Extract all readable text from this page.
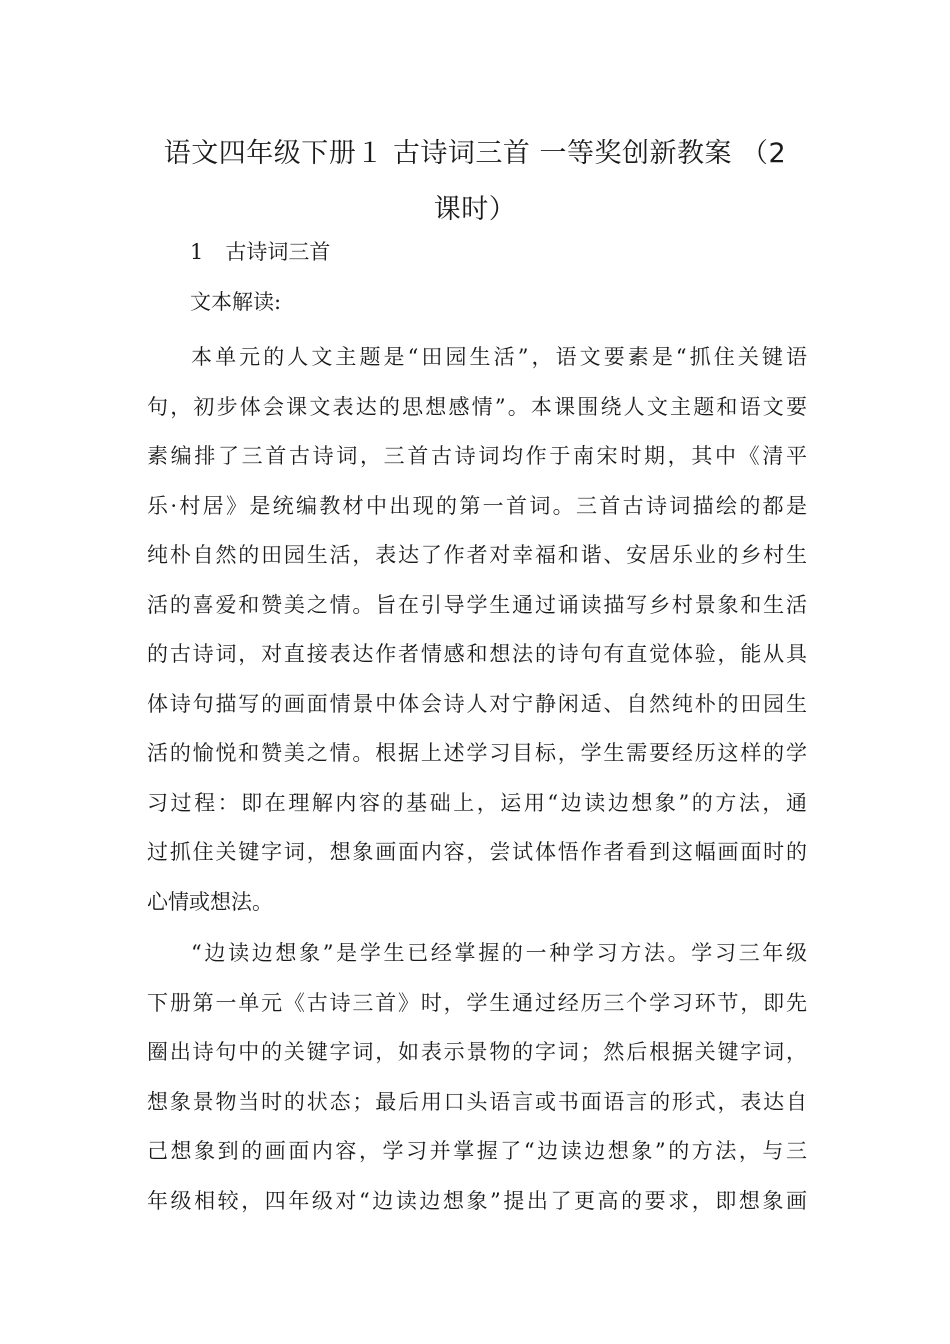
语文四年级下册１ 古诗词三首 一等奖创新教案 （2
课时）
1 古诗词三首
文本解读:
本单元的人文主题是“田园生活”，语文要素是“抓住关键语
句，初步体会课文表达的思想感情”。本课围绕人文主题和语文要
素编排了三首古诗词，三首古诗词均作于南宋时期，其中《清平
乐·村居》是统编教材中出现的第一首词。三首古诗词描绘的都是
纯朴自然的田园生活，表达了作者对幸福和谐、安居乐业的乡村生
活的喜爱和赞美之情。旨在引导学生通过诵读描写乡村景象和生活
的古诗词，对直接表达作者情感和想法的诗句有直觉体验，能从具
体诗句描写的画面情景中体会诗人对宁静闲适、自然纯朴的田园生
活的愉悦和赞美之情。根据上述学习目标，学生需要经历这样的学
习过程：即在理解内容的基础上，运用“边读边想象”的方法，通
过抓住关键字词，想象画面内容，尝试体悟作者看到这幅画面时的
心情或想法。
“边读边想象”是学生已经掌握的一种学习方法。学习三年级
下册第一单元《古诗三首》时，学生通过经历三个学习环节，即先
圈出诗句中的关键字词，如表示景物的字词；然后根据关键字词，
想象景物当时的状态；最后用口头语言或书面语言的形式，表达自
己想象到的画面内容，学习并掌握了“边读边想象”的方法，与三
年级相较，四年级对“边读边想象”提出了更高的要求，即想象画
